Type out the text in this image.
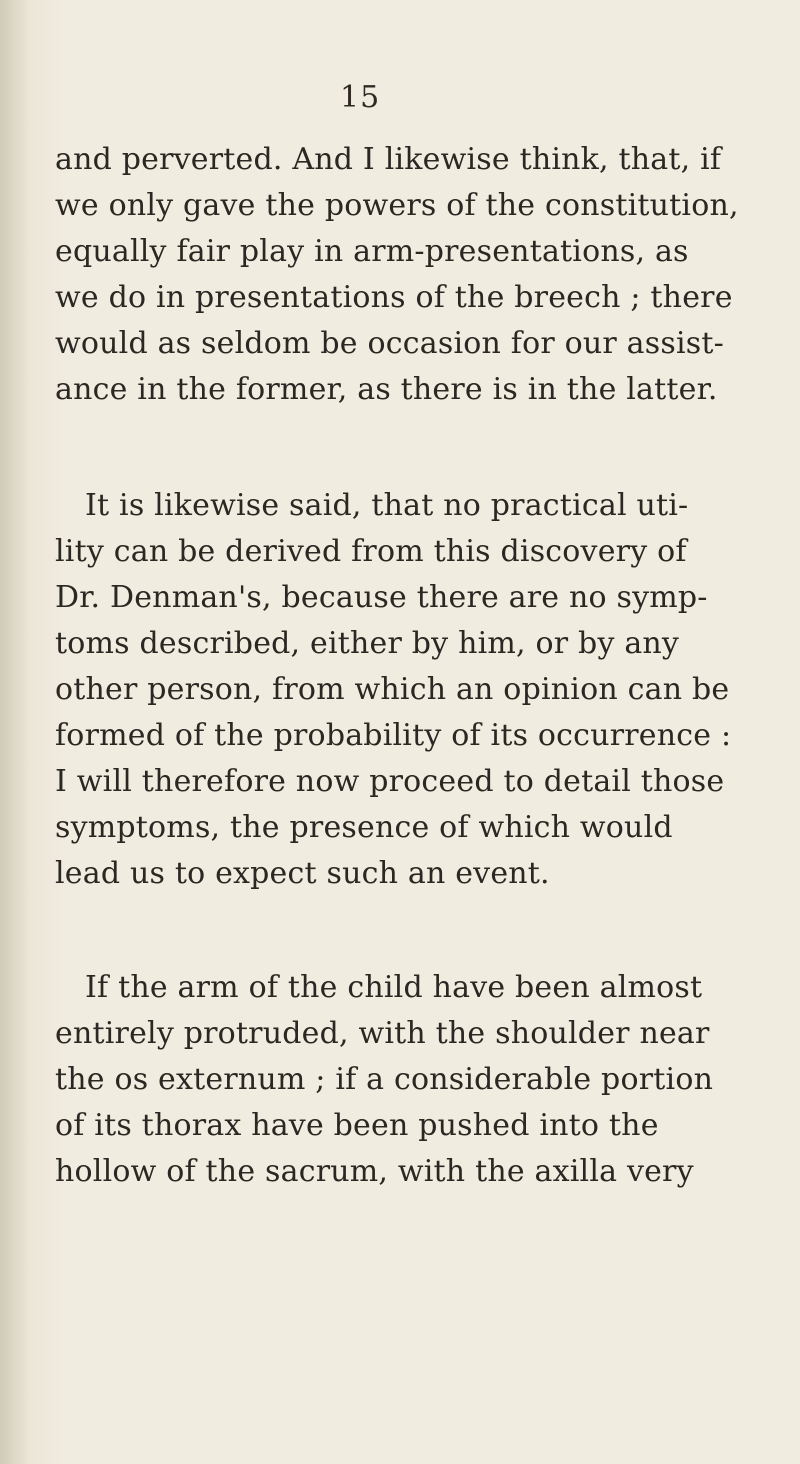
15
and perverted. And I likewise think, that, if
we only gave the powers of the constitution,
equally fair play in arm-presentations, as
we do in presentations of the breech ; there
would as seldom be occasion for our assist-
ance in the former, as there is in the latter.
It is likewise said, that no practical uti-
lity can be derived from this discovery of
Dr. Denman's, because there are no symp-
toms described, either by him, or by any
other person, from which an opinion can be
formed of the probability of its occurrence :
I will therefore now proceed to detail those
symptoms, the presence of which would
lead us to expect such an event.
If the arm of the child have been almost
entirely protruded, with the shoulder near
the os externum ; if a considerable portion
of its thorax have been pushed into the
hollow of the sacrum, with the axilla very
